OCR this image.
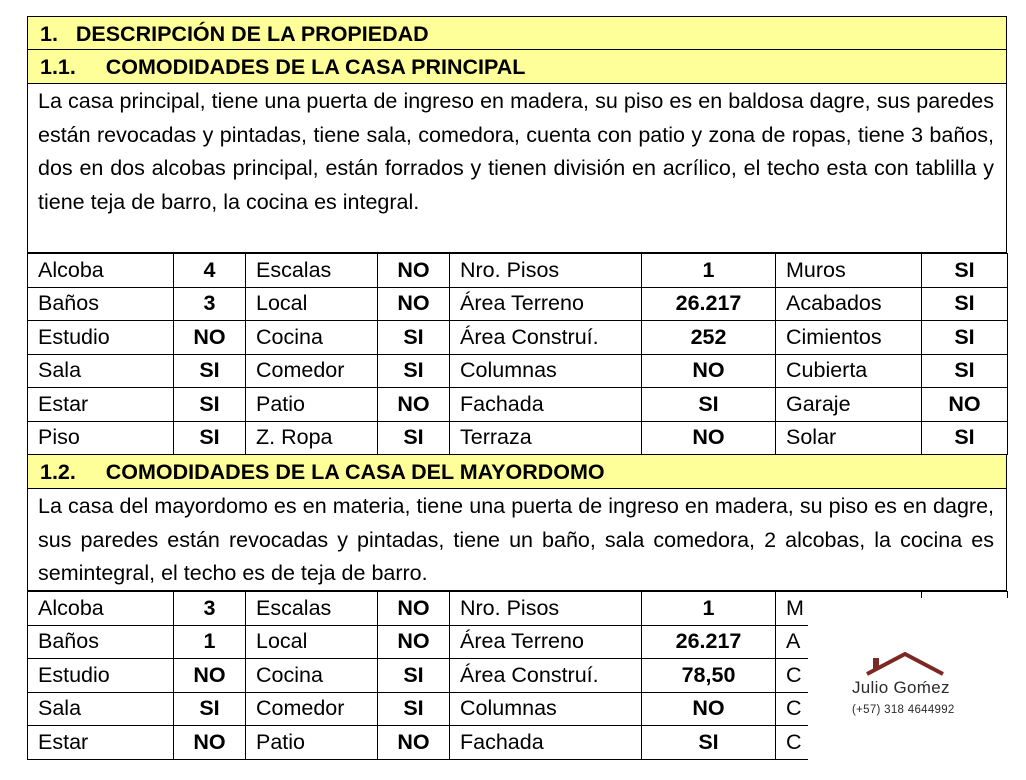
1.   DESCRIPCIÓN DE LA PROPIEDAD
1.1.     COMODIDADES DE LA CASA PRINCIPAL
La casa principal, tiene una puerta de ingreso en madera, su piso es en baldosa dagre, sus paredes están revocadas y pintadas, tiene sala, comedora, cuenta con patio y zona de ropas, tiene 3 baños, dos en dos alcobas principal, están forrados y tienen división en acrílico, el techo esta con tablilla y tiene teja de barro, la cocina es integral.
Alcoba	4	Escalas	NO	Nro. Pisos	1	Muros	SI
Baños	3	Local	NO	Área Terreno	26.217	Acabados	SI
Estudio	NO	Cocina	SI	Área Construí.	252	Cimientos	SI
Sala	SI	Comedor	SI	Columnas	NO	Cubierta	SI
Estar	SI	Patio	NO	Fachada	SI	Garaje	NO
Piso	SI	Z. Ropa	SI	Terraza	NO	Solar	SI
1.2.     COMODIDADES DE LA CASA DEL MAYORDOMO
La casa del mayordomo es en materia, tiene una puerta de ingreso en madera, su piso es en dagre, sus paredes están revocadas y pintadas, tiene un baño, sala comedora, 2 alcobas, la cocina es semintegral, el techo es de teja de barro.
Alcoba	3	Escalas	NO	Nro. Pisos	1	M	
Baños	1	Local	NO	Área Terreno	26.217	A	
Estudio	NO	Cocina	SI	Área Construí.	78,50	C	
Sala	SI	Comedor	SI	Columnas	NO	C	
Estar	NO	Patio	NO	Fachada	SI	C	
Julio Goḿez
(+57) 318 4644992
